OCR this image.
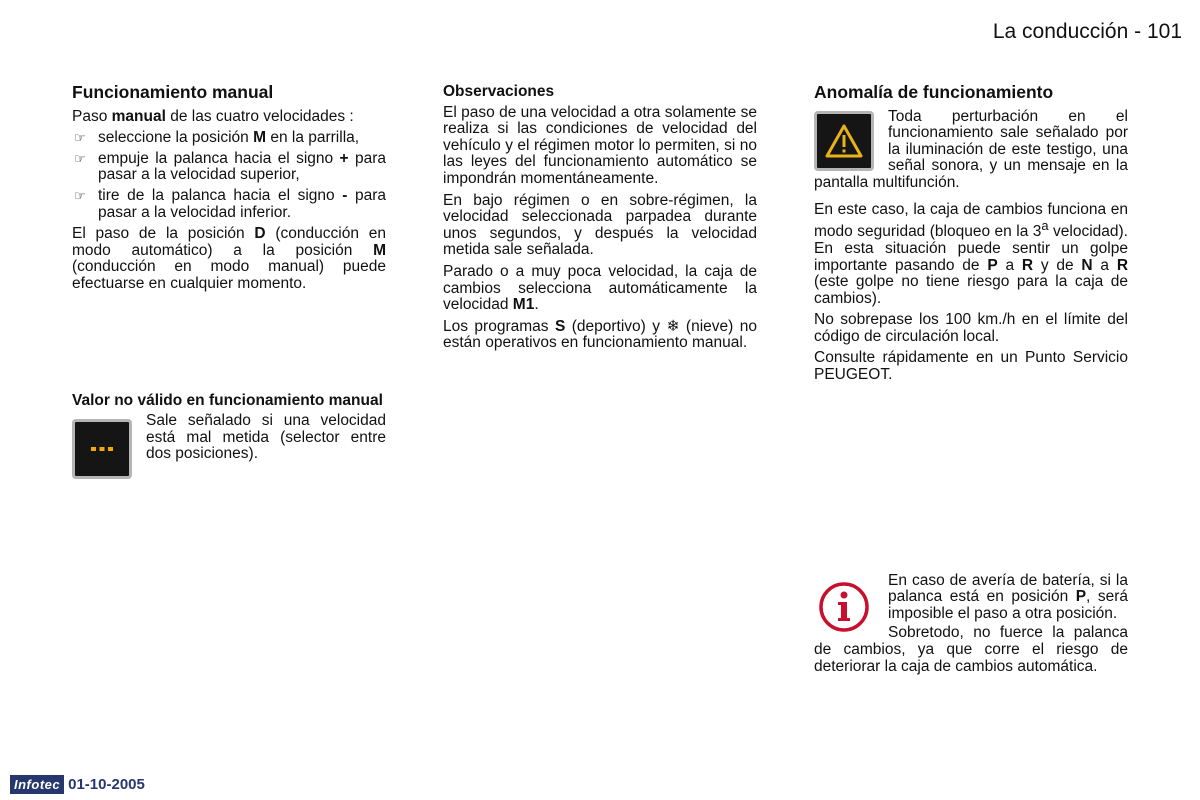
La conducción - 101
Funcionamiento manual

Paso manual de las cuatro velocidades :

☞ seleccione la posición M en la parrilla,
☞ empuje la palanca hacia el signo + para pasar a la velocidad superior,
☞ tire de la palanca hacia el signo - para pasar a la velocidad inferior.

El paso de la posición D (conducción en modo automático) a la posición M (conducción en modo manual) puede efectuarse en cualquier momento.

Valor no válido en funcionamiento manual

Sale señalado si una velocidad está mal metida (selector entre dos posiciones).

Observaciones

El paso de una velocidad a otra solamente se realiza si las condiciones de velocidad del vehículo y el régimen motor lo permiten, si no las leyes del funcionamiento automático se impondrán momentáneamente.

En bajo régimen o en sobre-régimen, la velocidad seleccionada parpadea durante unos segundos, y después la velocidad metida sale señalada.

Parado o a muy poca velocidad, la caja de cambios selecciona automáticamente la velocidad M1.

Los programas S (deportivo) y ❄ (nieve) no están operativos en funcionamiento manual.

Anomalía de funcionamiento

Toda perturbación en el funcionamiento sale señalado por la iluminación de este testigo, una señal sonora, y un mensaje en la pantalla multifunción.

En este caso, la caja de cambios funciona en modo seguridad (bloqueo en la 3$^a$ velocidad). En esta situación puede sentir un golpe importante pasando de P a R y de N a R (este golpe no tiene riesgo para la caja de cambios).

No sobrepase los 100 km./h en el límite del código de circulación local.

Consulte rápidamente en un Punto Servicio PEUGEOT.

En caso de avería de batería, si la palanca está en posición P, será imposible el paso a otra posición.

Sobretodo, no fuerce la palanca de cambios, ya que corre el riesgo de deteriorar la caja de cambios automática.

Infotec 01-10-2005
